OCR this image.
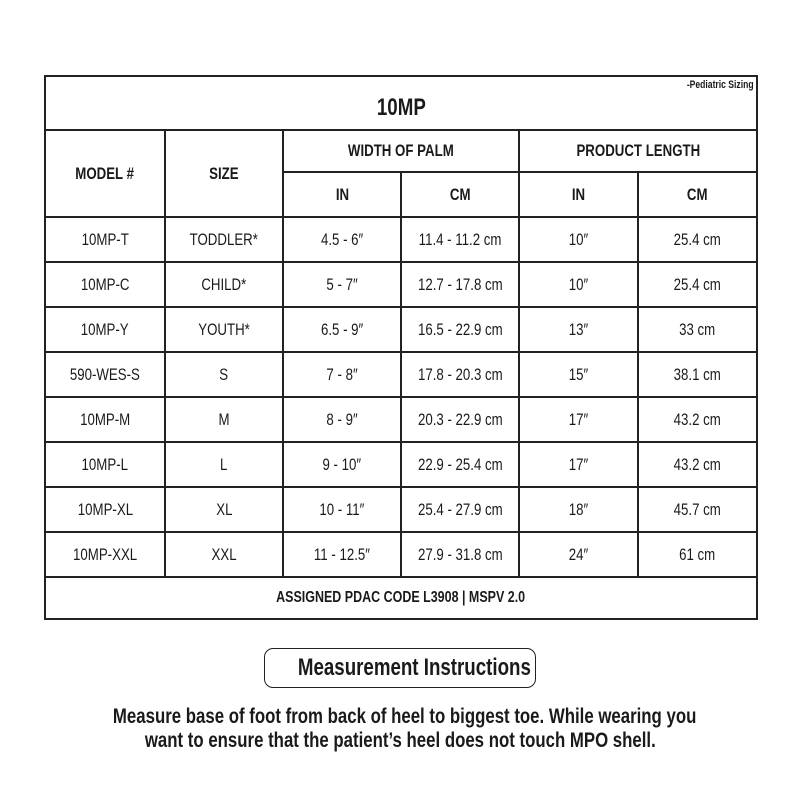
-Pediatric Sizing
10MP					
MODEL #	SIZE	WIDTH OF PALM		PRODUCT LENGTH	
		IN	CM	IN	CM
10MP-T	TODDLER*	4.5 - 6″	11.4 - 11.2 cm	10″	25.4 cm
10MP-C	CHILD*	5 - 7″	12.7 - 17.8 cm	10″	25.4 cm
10MP-Y	YOUTH*	6.5 - 9″	16.5 - 22.9 cm	13″	33 cm
590-WES-S	S	7 - 8″	17.8 - 20.3 cm	15″	38.1 cm
10MP-M	M	8 - 9″	20.3 - 22.9 cm	17″	43.2 cm
10MP-L	L	9 - 10″	22.9 - 25.4 cm	17″	43.2 cm
10MP-XL	XL	10 - 11″	25.4 - 27.9 cm	18″	45.7 cm
10MP-XXL	XXL	11 - 12.5″	27.9 - 31.8 cm	24″	61 cm
ASSIGNED PDAC CODE L3908 | MSPV 2.0					
Measurement Instructions
Measure base of foot from back of heel to biggest toe. While wearing you
want to ensure that the patient’s heel does not touch MPO shell.
